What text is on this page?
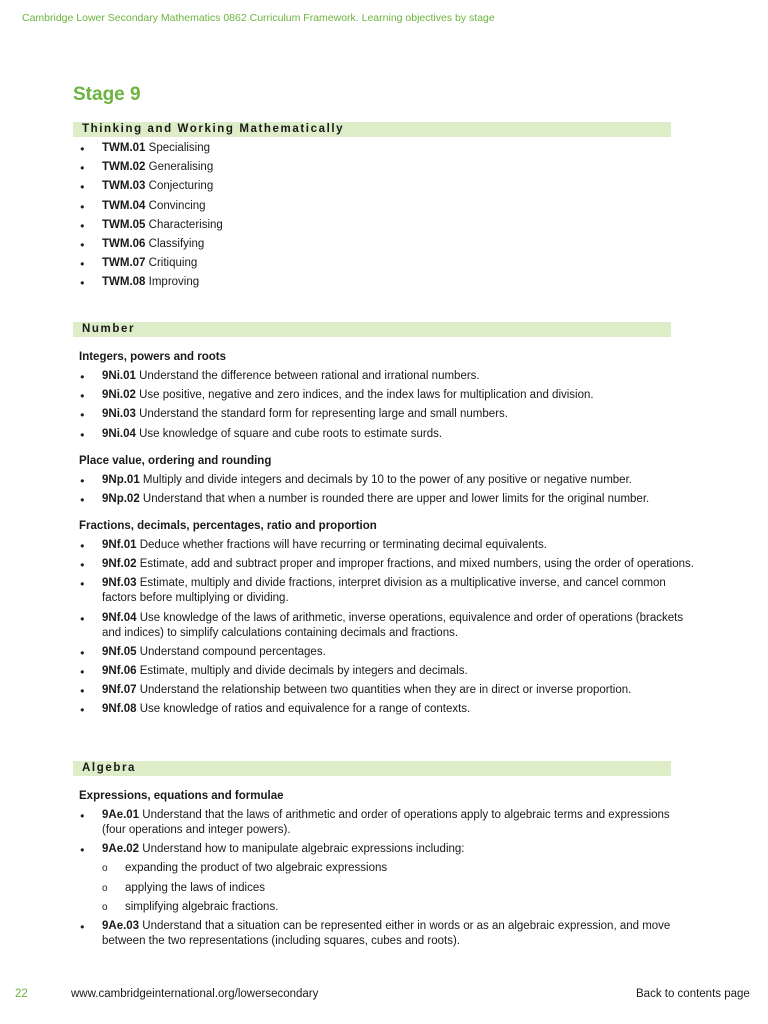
Cambridge Lower Secondary Mathematics 0862 Curriculum Framework. Learning objectives by stage
Stage 9
Thinking and Working Mathematically
● TWM.01 Specialising
● TWM.02 Generalising
● TWM.03 Conjecturing
● TWM.04 Convincing
● TWM.05 Characterising
● TWM.06 Classifying
● TWM.07 Critiquing
● TWM.08 Improving
Number
Integers, powers and roots
● 9Ni.01 Understand the difference between rational and irrational numbers.
● 9Ni.02 Use positive, negative and zero indices, and the index laws for multiplication and division.
● 9Ni.03 Understand the standard form for representing large and small numbers.
● 9Ni.04 Use knowledge of square and cube roots to estimate surds.
Place value, ordering and rounding
● 9Np.01 Multiply and divide integers and decimals by 10 to the power of any positive or negative number.
● 9Np.02 Understand that when a number is rounded there are upper and lower limits for the original number.
Fractions, decimals, percentages, ratio and proportion
● 9Nf.01 Deduce whether fractions will have recurring or terminating decimal equivalents.
● 9Nf.02 Estimate, add and subtract proper and improper fractions, and mixed numbers, using the order of operations.
● 9Nf.03 Estimate, multiply and divide fractions, interpret division as a multiplicative inverse, and cancel common factors before multiplying or dividing.
● 9Nf.04 Use knowledge of the laws of arithmetic, inverse operations, equivalence and order of operations (brackets and indices) to simplify calculations containing decimals and fractions.
● 9Nf.05 Understand compound percentages.
● 9Nf.06 Estimate, multiply and divide decimals by integers and decimals.
● 9Nf.07 Understand the relationship between two quantities when they are in direct or inverse proportion.
● 9Nf.08 Use knowledge of ratios and equivalence for a range of contexts.
Algebra
Expressions, equations and formulae
● 9Ae.01 Understand that the laws of arithmetic and order of operations apply to algebraic terms and expressions (four operations and integer powers).
● 9Ae.02 Understand how to manipulate algebraic expressions including:
o expanding the product of two algebraic expressions
o applying the laws of indices
o simplifying algebraic fractions.
● 9Ae.03 Understand that a situation can be represented either in words or as an algebraic expression, and move between the two representations (including squares, cubes and roots).
22	www.cambridgeinternational.org/lowersecondary	Back to contents page
